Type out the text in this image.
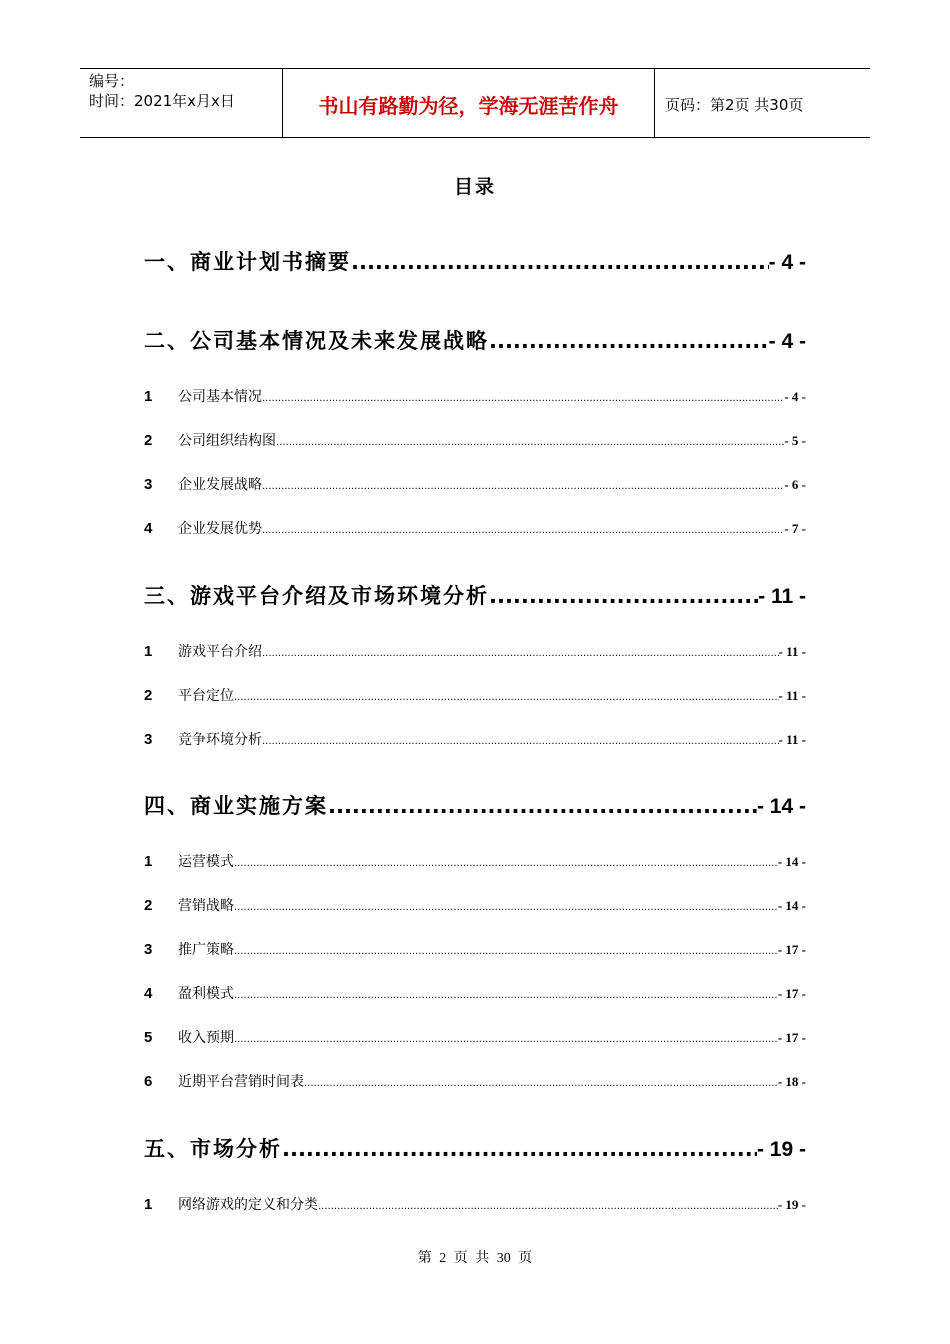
编号：
时间：2021年x月x日	书山有路勤为径，学海无涯苦作舟	页码：第2页 共30页
目录
一、商业计划书摘要 .....	- 4 -
二、公司基本情况及未来发展战略 .....	- 4 -
1	公司基本情况 .....	- 4 -
2	公司组织结构图 .....	- 5 -
3	企业发展战略 .....	- 6 -
4	企业发展优势 .....	- 7 -
三、游戏平台介绍及市场环境分析 .....	- 11 -
1	游戏平台介绍 .....	- 11 -
2	平台定位 .....	- 11 -
3	竞争环境分析 .....	- 11 -
四、商业实施方案 .....	- 14 -
1	运营模式 .....	- 14 -
2	营销战略 .....	- 14 -
3	推广策略 .....	- 17 -
4	盈利模式 .....	- 17 -
5	收入预期 .....	- 17 -
6	近期平台营销时间表 .....	- 18 -
五、市场分析 .....	- 19 -
1	网络游戏的定义和分类 .....	- 19 -
第 2 页 共 30 页
